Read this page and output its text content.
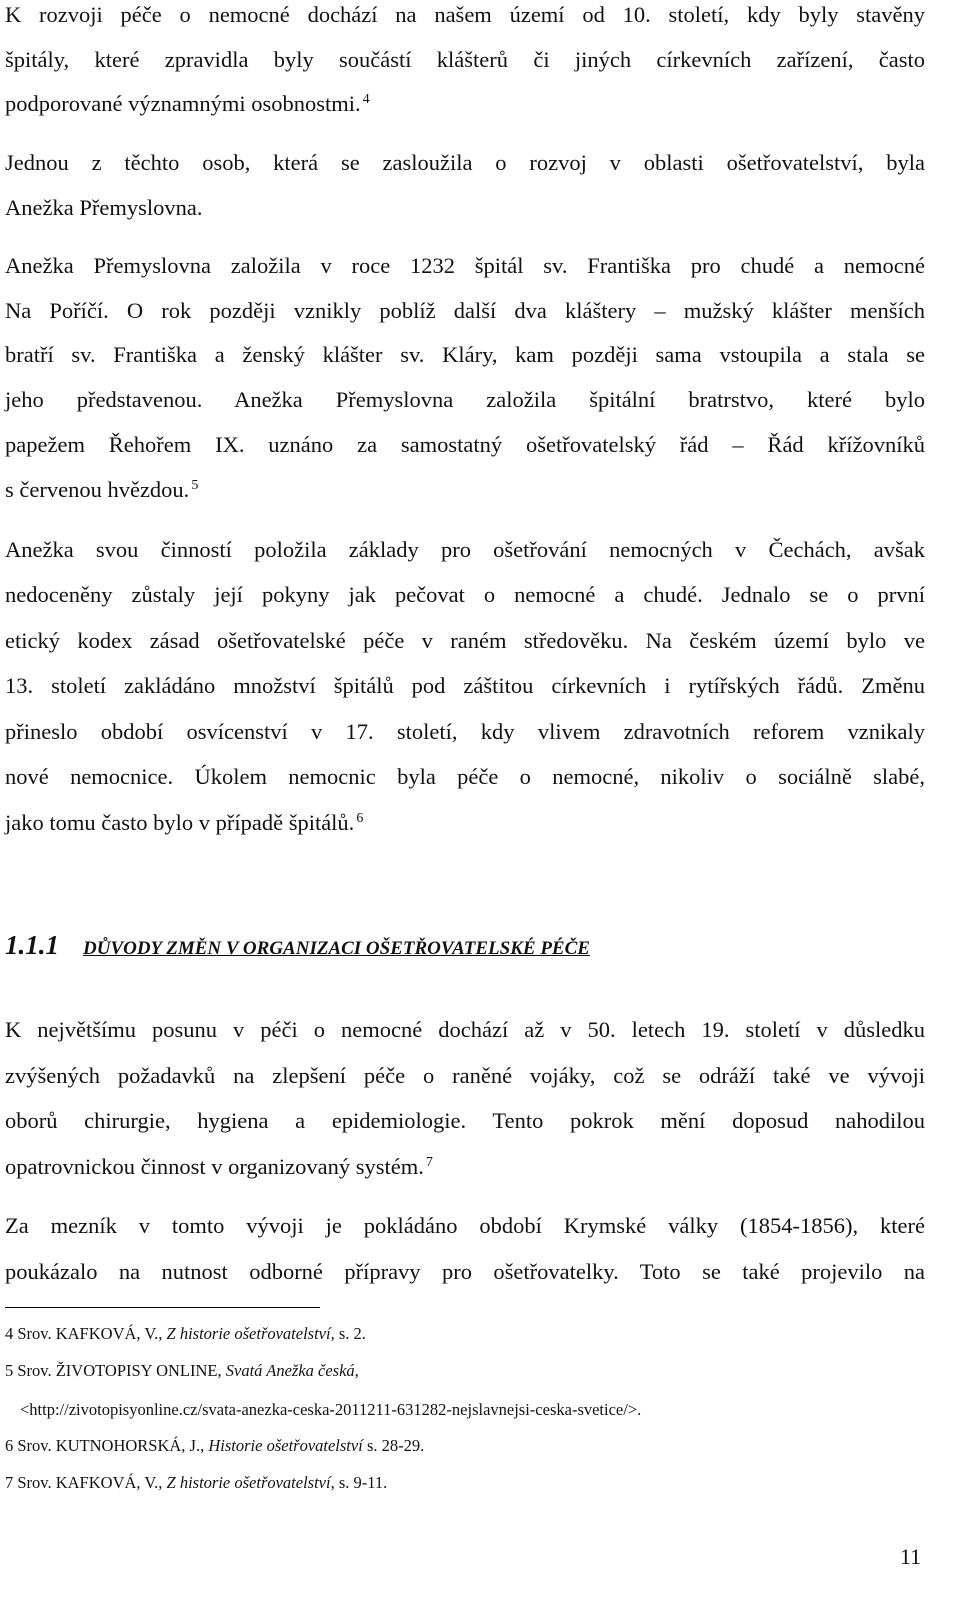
K rozvoji péče o nemocné dochází na našem území od 10. století, kdy byly stavěny
špitály, které zpravidla byly součástí klášterů či jiných církevních zařízení, často
podporované významnými osobnostmi. $^4$
Jednou z těchto osob, která se zasloužila o rozvoj v oblasti ošetřovatelství, byla
Anežka Přemyslovna.
Anežka Přemyslovna založila v roce 1232 špitál sv. Františka pro chudé a nemocné
Na Poříčí. O rok později vznikly poblíž další dva kláštery – mužský klášter menších
bratří sv. Františka a ženský klášter sv. Kláry, kam později sama vstoupila a stala se
jeho představenou. Anežka Přemyslovna založila špitální bratrstvo, které bylo
papežem Řehořem IX. uznáno za samostatný ošetřovatelský řád – Řád křížovníků
s červenou hvězdou. $^5$
Anežka svou činností položila základy pro ošetřování nemocných v Čechách, avšak
nedoceněny zůstaly její pokyny jak pečovat o nemocné a chudé. Jednalo se o první
etický kodex zásad ošetřovatelské péče v raném středověku. Na českém území bylo ve
13. století zakládáno množství špitálů pod záštitou církevních i rytířských řádů. Změnu
přineslo období osvícenství v 17. století, kdy vlivem zdravotních reforem vznikaly
nové nemocnice. Úkolem nemocnic byla péče o nemocné, nikoliv o sociálně slabé,
jako tomu často bylo v případě špitálů. $^6$
1.1.1 DŮVODY ZMĚN V ORGANIZACI OŠETŘOVATELSKÉ PÉČE
K největšímu posunu v péči o nemocné dochází až v 50. letech 19. století v důsledku
zvýšených požadavků na zlepšení péče o raněné vojáky, což se odráží také ve vývoji
oborů chirurgie, hygiena a epidemiologie. Tento pokrok mění doposud nahodilou
opatrovnickou činnost v organizovaný systém. $^7$
Za mezník v tomto vývoji je pokládáno období Krymské války (1854-1856), které
poukázalo na nutnost odborné přípravy pro ošetřovatelky. Toto se také projevilo na
4 Srov. KAFKOVÁ, V., Z historie ošetřovatelství, s. 2.
5 Srov. ŽIVOTOPISY ONLINE, Svatá Anežka česká,
<http://zivotopisyonline.cz/svata-anezka-ceska-2011211-631282-nejslavnejsi-ceska-svetice/>.
6 Srov. KUTNOHORSKÁ, J., Historie ošetřovatelství s. 28-29.
7 Srov. KAFKOVÁ, V., Z historie ošetřovatelství, s. 9-11.
11
